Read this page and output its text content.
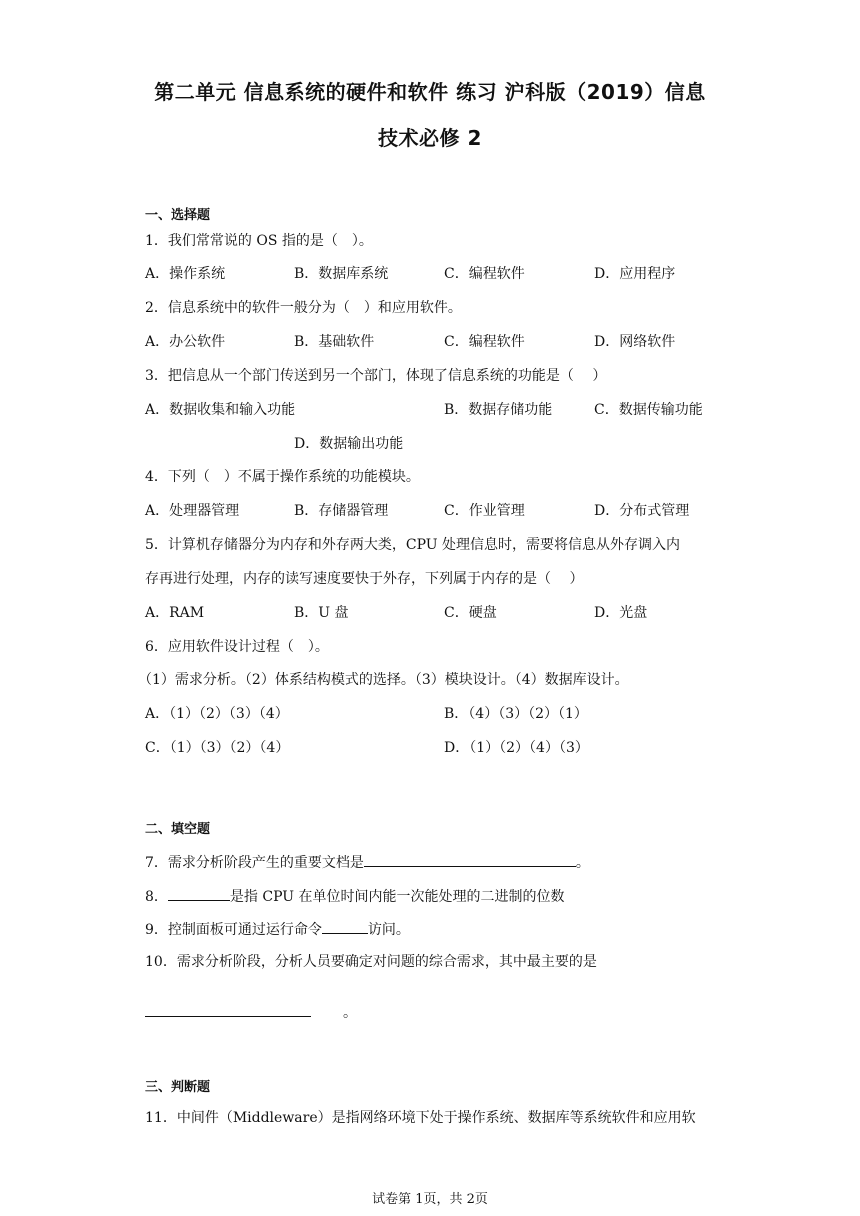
第二单元 信息系统的硬件和软件 练习 沪科版（2019）信息
技术必修 2
一、选择题
1．我们常常说的 OS 指的是（　）。
A．操作系统	B．数据库系统	C．编程软件	D．应用程序
2．信息系统中的软件一般分为（　）和应用软件。
A．办公软件	B．基础软件	C．编程软件	D．网络软件
3．把信息从一个部门传送到另一个部门，体现了信息系统的功能是（　 ）
A．数据收集和输入功能	B．数据存储功能	C．数据传输功能
D．数据输出功能
4．下列（　）不属于操作系统的功能模块。
A．处理器管理	B．存储器管理	C．作业管理	D．分布式管理
5．计算机存储器分为内存和外存两大类，CPU 处理信息时，需要将信息从外存调入内
存再进行处理，内存的读写速度要快于外存，下列属于内存的是（　 ）
A．RAM	B．U 盘	C．硬盘	D．光盘
6．应用软件设计过程（　）。
（1）需求分析。（2）体系结构模式的选择。（3）模块设计。（4）数据库设计。
A．（1）（2）（3）（4）	B．（4）（3）（2）（1）
C．（1）（3）（2）（4）	D．（1）（2）（4）（3）
二、填空题
7．需求分析阶段产生的重要文档是	。
8．	是指 CPU 在单位时间内能一次能处理的二进制的位数
9．控制面板可通过运行命令	访问。
10．需求分析阶段，分析人员要确定对问题的综合需求，其中最主要的是
。
三、判断题
11．中间件（Middleware）是指网络环境下处于操作系统、数据库等系统软件和应用软
试卷第 1页，共 2页
